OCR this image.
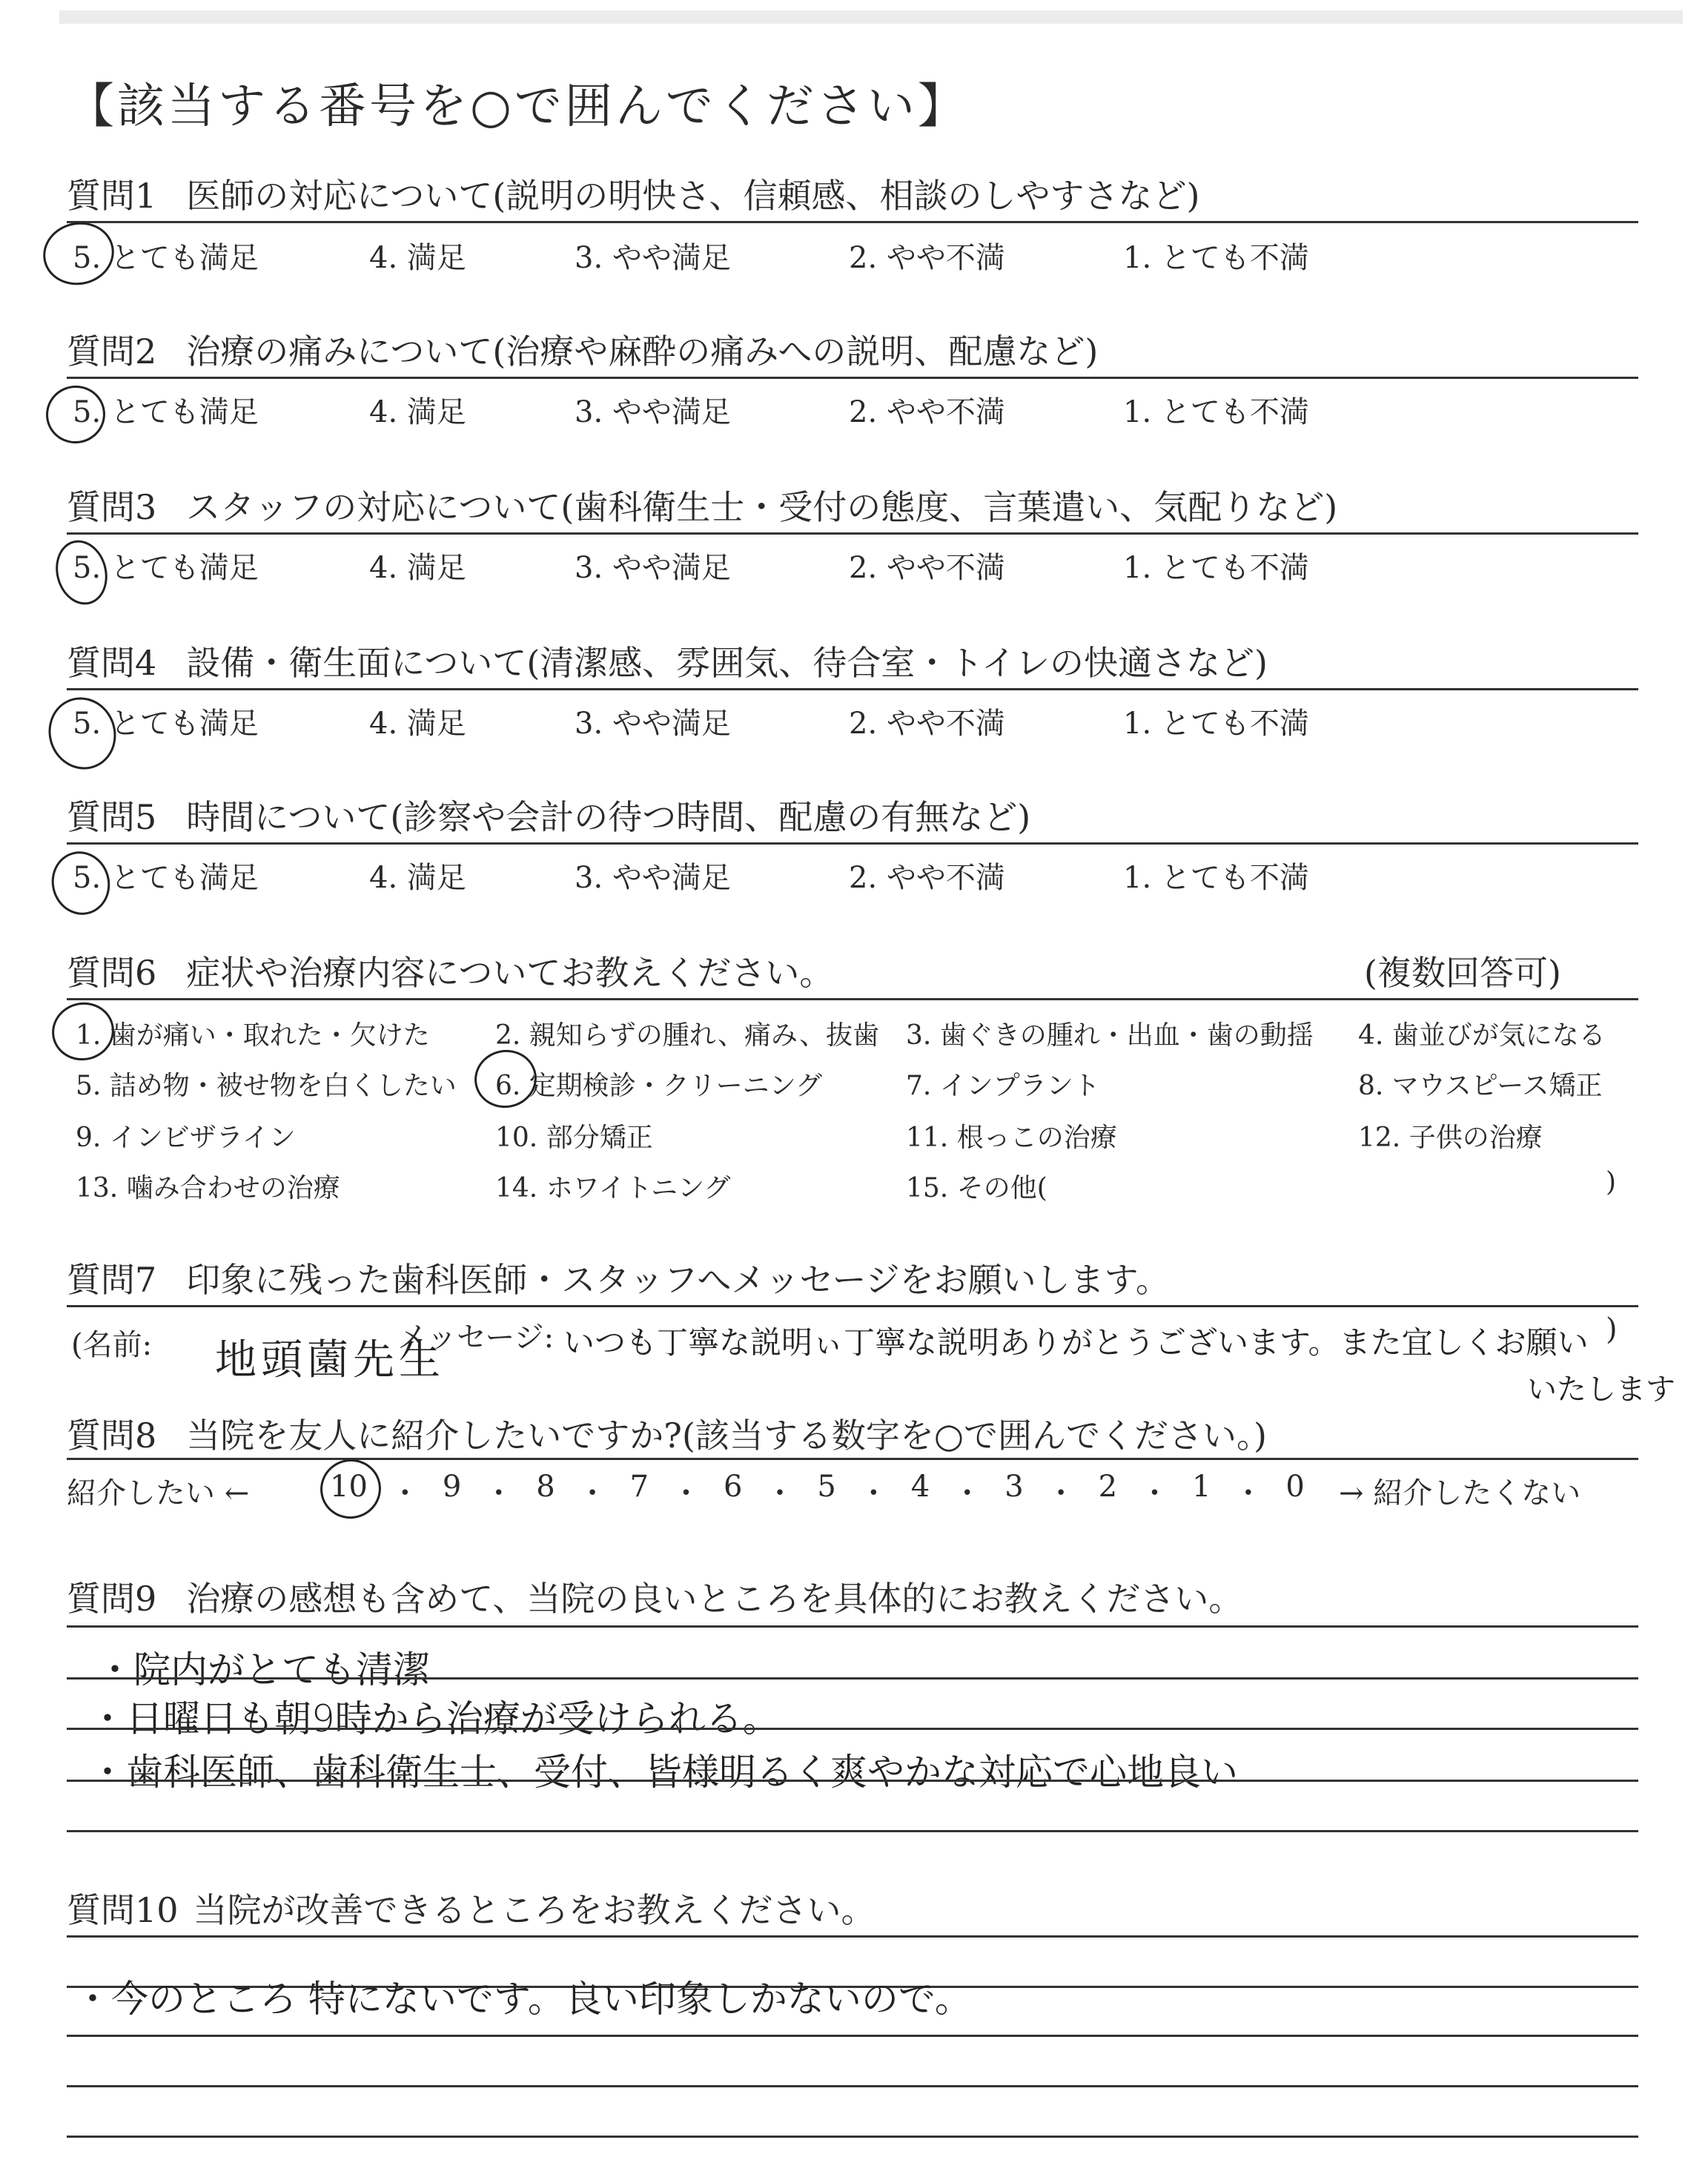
【該当する番号を○で囲んでください】
質問1 医師の対応について(説明の明快さ、信頼感、相談のしやすさなど)
5. とても満足	4. 満足	3. やや満足	2. やや不満	1. とても不満
質問2 治療の痛みについて(治療や麻酔の痛みへの説明、配慮など)
5. とても満足	4. 満足	3. やや満足	2. やや不満	1. とても不満
質問3 スタッフの対応について(歯科衛生士・受付の態度、言葉遣い、気配りなど)
5. とても満足	4. 満足	3. やや満足	2. やや不満	1. とても不満
質問4 設備・衛生面について(清潔感、雰囲気、待合室・トイレの快適さなど)
5. とても満足	4. 満足	3. やや満足	2. やや不満	1. とても不満
質問5 時間について(診察や会計の待つ時間、配慮の有無など)
5. とても満足	4. 満足	3. やや満足	2. やや不満	1. とても不満
質問6 症状や治療内容についてお教えください。	(複数回答可)
1. 歯が痛い・取れた・欠けた 2. 親知らずの腫れ、痛み、抜歯 3. 歯ぐきの腫れ・出血・歯の動揺 4. 歯並びが気になる
5. 詰め物・被せ物を白くしたい 6. 定期検診・クリーニング	7. インプラント	8. マウスピース矯正
9. インビザライン	10. 部分矯正	11. 根っこの治療	12. 子供の治療
13. 噛み合わせの治療	14. ホワイトニング	15. その他(	)
質問7 印象に残った歯科医師・スタッフへメッセージをお願いします。
(名前: 地頭薗先生
メッセージ: いつも丁寧な説明ぃ丁寧な説明ありがとうございます。また宜しくお願い )
いたします
質問8 当院を友人に紹介したいですか?(該当する数字を○で囲んでください。)
紹介したい ←	10 ・ 9 ・ 8 ・ 7 ・ 6 ・ 5 ・ 4 ・ 3 ・ 2 ・ 1 ・ 0 → 紹介したくない
質問9 治療の感想も含めて、当院の良いところを具体的にお教えください。
・院内がとても清潔
・日曜日も朝9時から治療が受けられる。
・歯科医師、歯科衛生士、受付、皆様明るく爽やかな対応で心地良い
質問10 当院が改善できるところをお教えください。
・今のところ 特にないです。良い印象しかないので。
